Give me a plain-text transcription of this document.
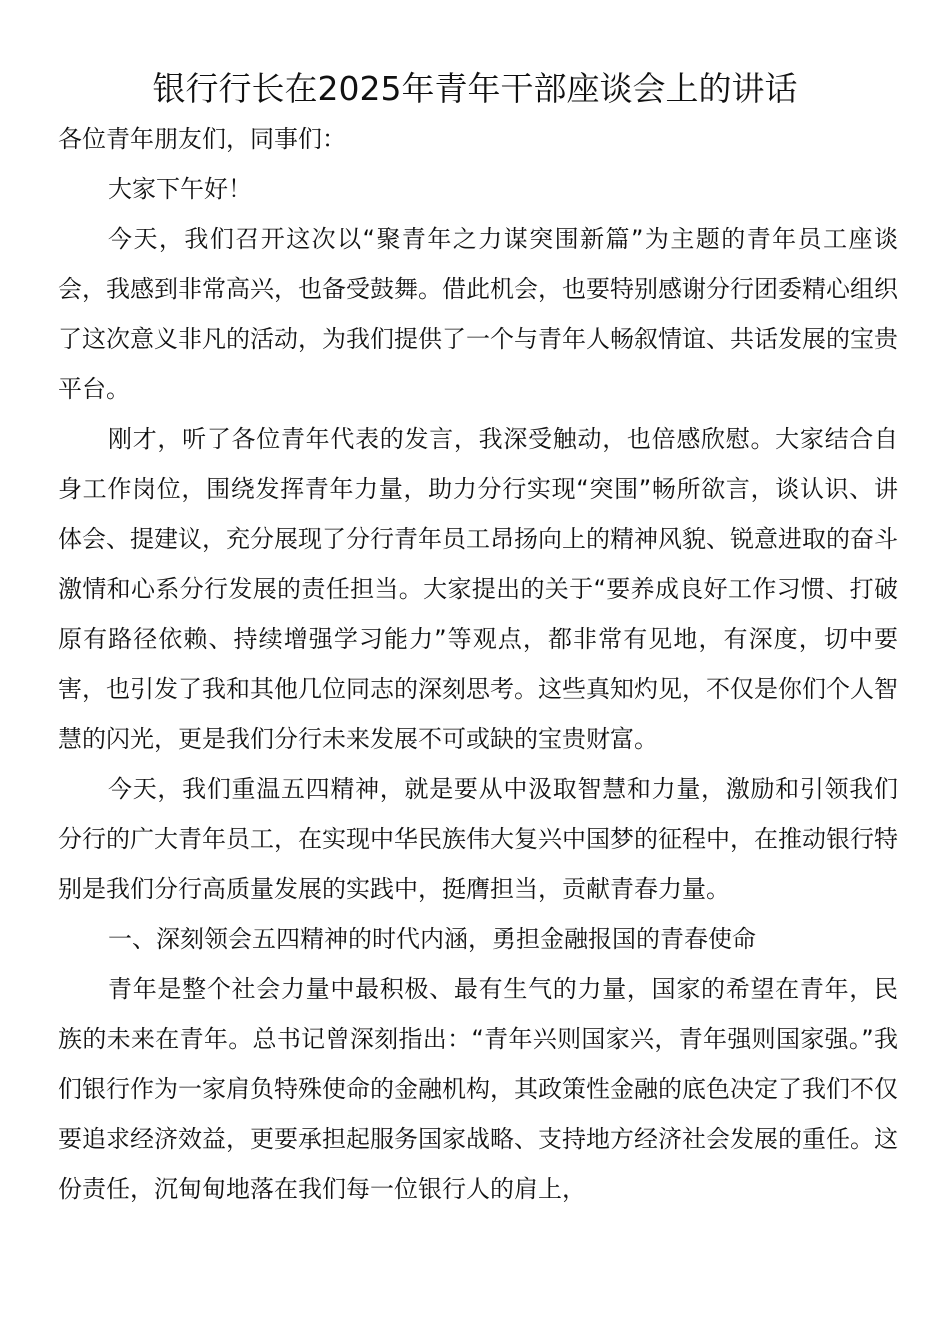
银行行长在2025年青年干部座谈会上的讲话

各位青年朋友们，同事们：

大家下午好！

今天，我们召开这次以“聚青年之力谋突围新篇”为主题的青年员工座谈会，我感到非常高兴，也备受鼓舞。借此机会，也要特别感谢分行团委精心组织了这次意义非凡的活动，为我们提供了一个与青年人畅叙情谊、共话发展的宝贵平台。

刚才，听了各位青年代表的发言，我深受触动，也倍感欣慰。大家结合自身工作岗位，围绕发挥青年力量，助力分行实现“突围”畅所欲言，谈认识、讲体会、提建议，充分展现了分行青年员工昂扬向上的精神风貌、锐意进取的奋斗激情和心系分行发展的责任担当。大家提出的关于“要养成良好工作习惯、打破原有路径依赖、持续增强学习能力”等观点，都非常有见地，有深度，切中要害，也引发了我和其他几位同志的深刻思考。这些真知灼见，不仅是你们个人智慧的闪光，更是我们分行未来发展不可或缺的宝贵财富。

今天，我们重温五四精神，就是要从中汲取智慧和力量，激励和引领我们分行的广大青年员工，在实现中华民族伟大复兴中国梦的征程中，在推动银行特别是我们分行高质量发展的实践中，挺膺担当，贡献青春力量。

一、深刻领会五四精神的时代内涵，勇担金融报国的青春使命

青年是整个社会力量中最积极、最有生气的力量，国家的希望在青年，民族的未来在青年。总书记曾深刻指出：“青年兴则国家兴，青年强则国家强。”我们银行作为一家肩负特殊使命的金融机构，其政策性金融的底色决定了我们不仅要追求经济效益，更要承担起服务国家战略、支持地方经济社会发展的重任。这份责任，沉甸甸地落在我们每一位银行人的肩上，
